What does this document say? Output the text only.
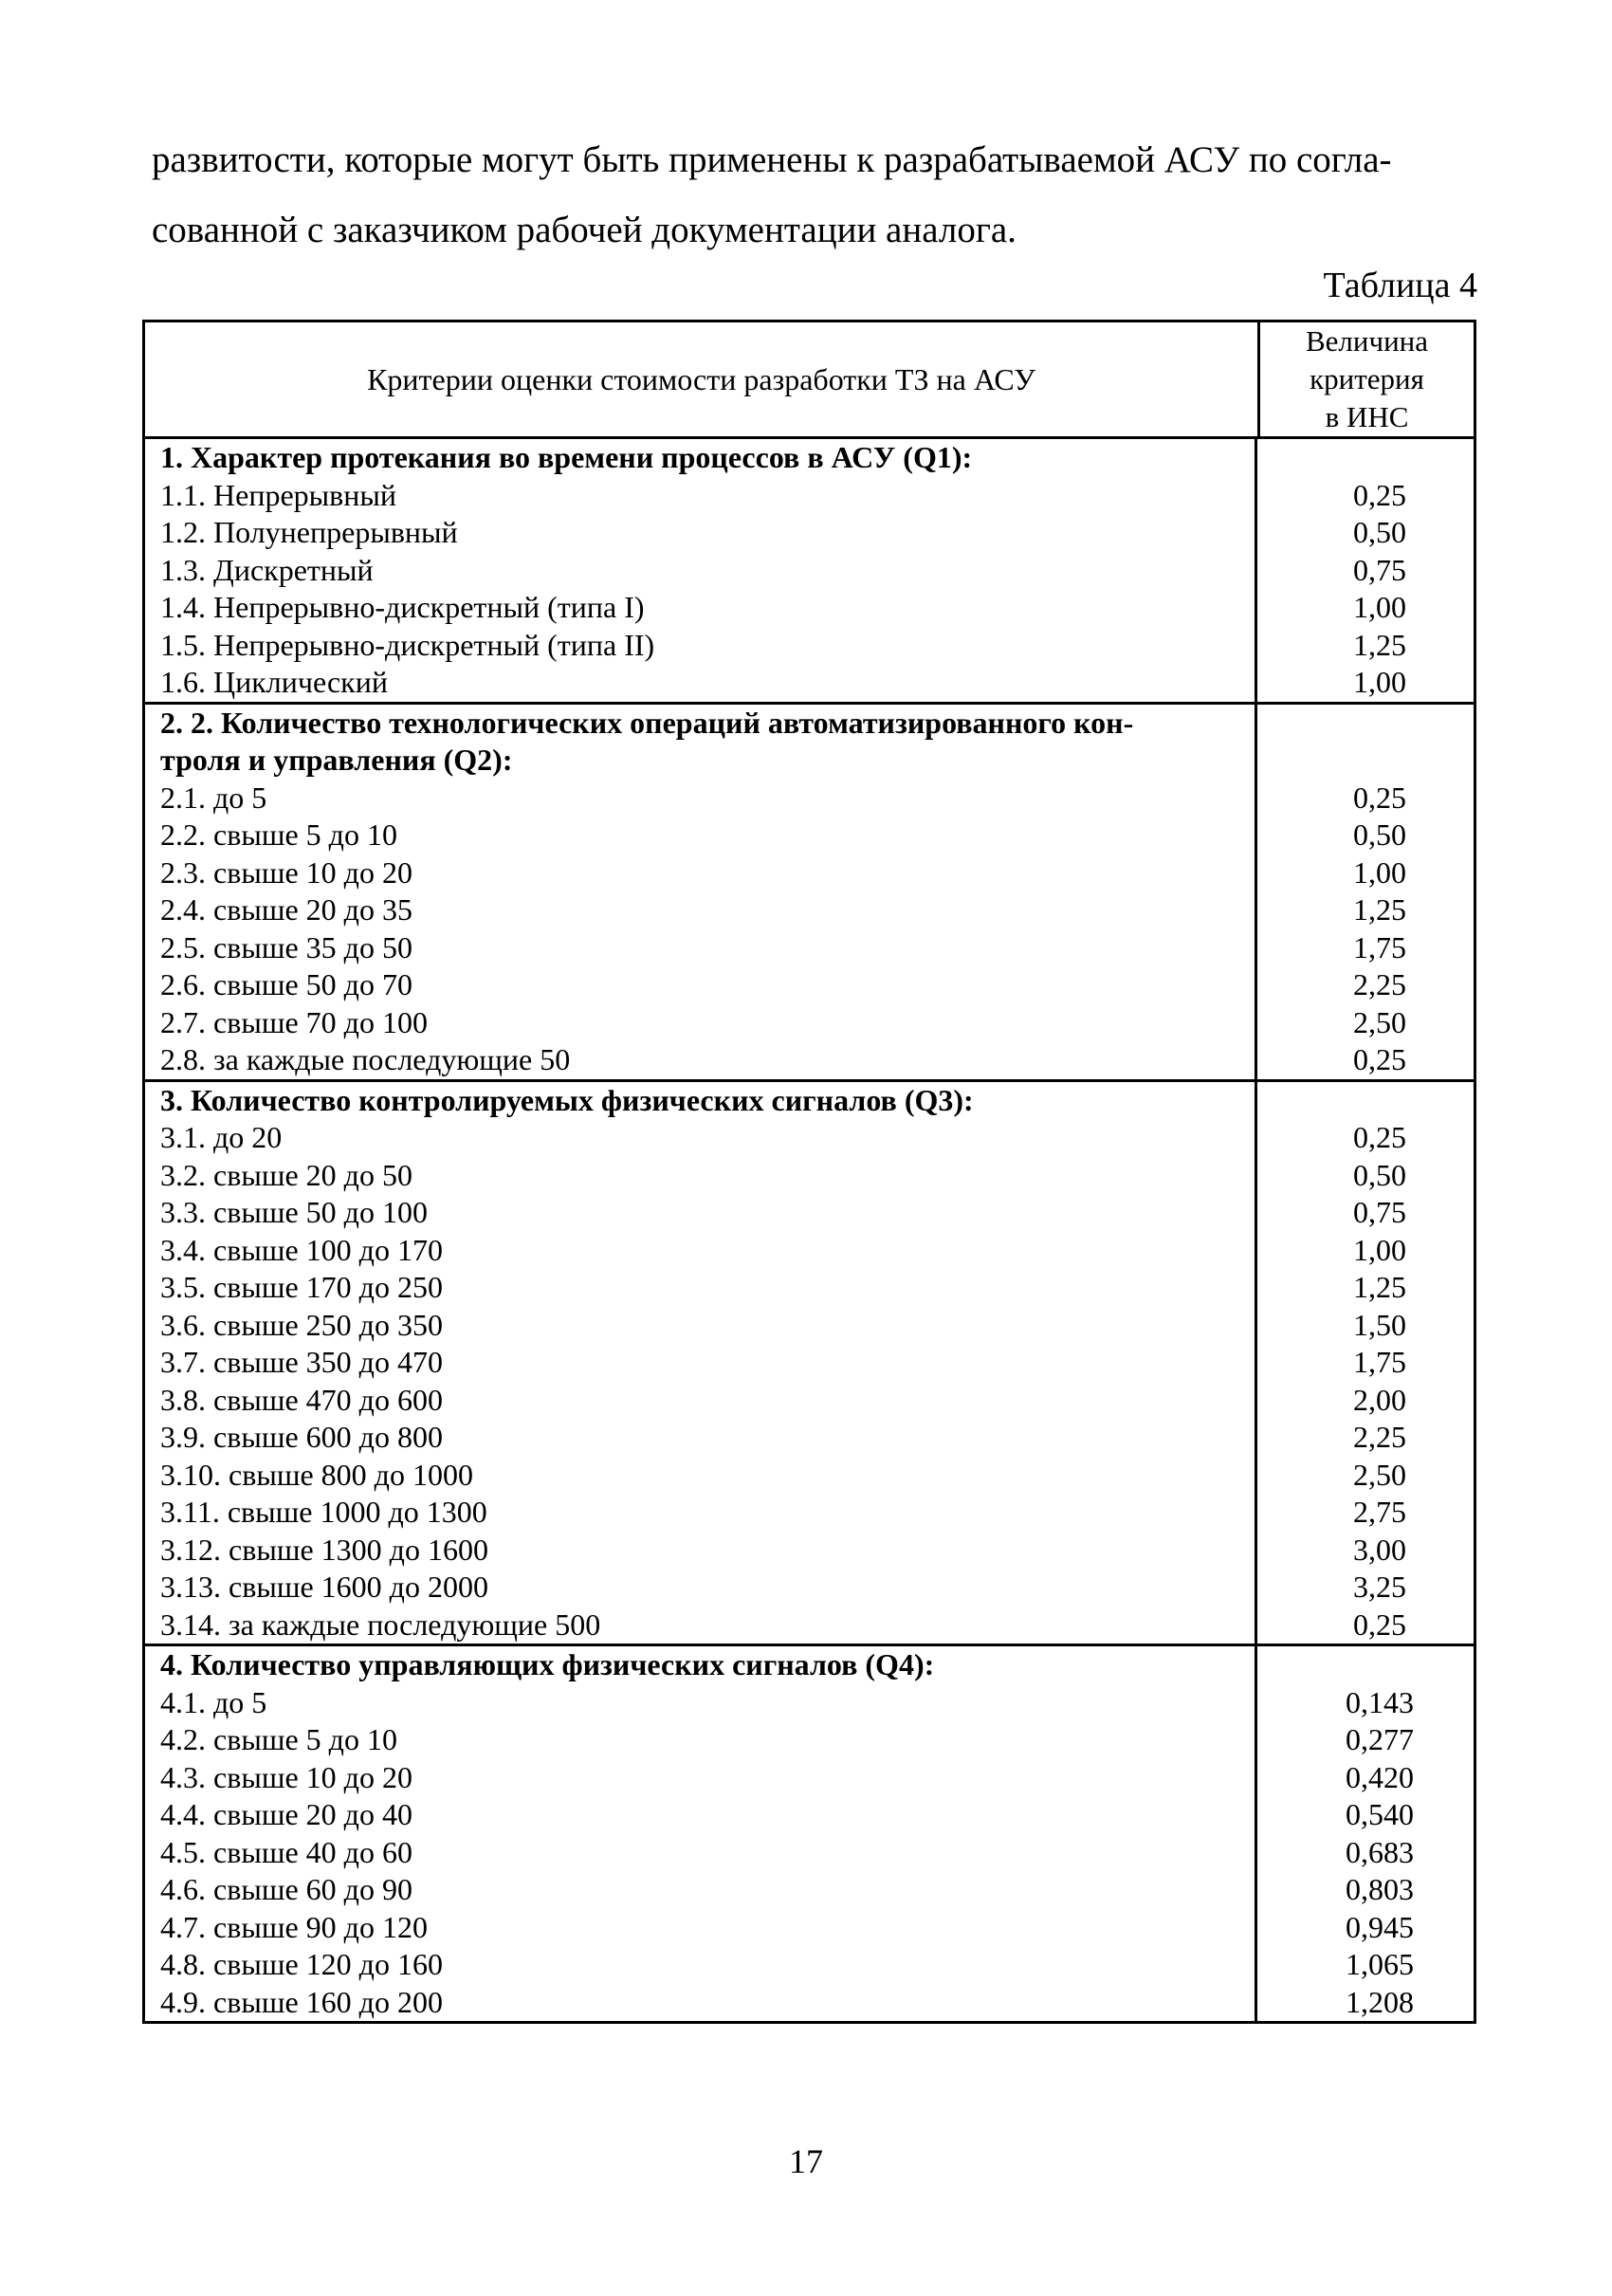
развитости, которые могут быть применены к разрабатываемой АСУ по согла-

сованной с заказчиком рабочей документации аналога.

Таблица 4
Критерии оценки стоимости разработки ТЗ на АСУ
Величина
критерия
в ИНС
1. Характер протекания во времени процессов в АСУ (Q1):
1.1. Непрерывный
1.2. Полунепрерывный
1.3. Дискретный
1.4. Непрерывно-дискретный (типа I)
1.5. Непрерывно-дискретный (типа II)
1.6. Циклический
0,25
0,50
0,75
1,00
1,25
1,00
2. 2. Количество технологических операций автоматизированного кон-
троля и управления (Q2):
2.1. до 5
2.2. свыше 5 до 10
2.3. свыше 10 до 20
2.4. свыше 20 до 35
2.5. свыше 35 до 50
2.6. свыше 50 до 70
2.7. свыше 70 до 100
2.8. за каждые последующие 50
0,25
0,50
1,00
1,25
1,75
2,25
2,50
0,25
3. Количество контролируемых физических сигналов (Q3):
3.1. до 20
3.2. свыше 20 до 50
3.3. свыше 50 до 100
3.4. свыше 100 до 170
3.5. свыше 170 до 250
3.6. свыше 250 до 350
3.7. свыше 350 до 470
3.8. свыше 470 до 600
3.9. свыше 600 до 800
3.10. свыше 800 до 1000
3.11. свыше 1000 до 1300
3.12. свыше 1300 до 1600
3.13. свыше 1600 до 2000
3.14. за каждые последующие 500
0,25
0,50
0,75
1,00
1,25
1,50
1,75
2,00
2,25
2,50
2,75
3,00
3,25
0,25
4. Количество управляющих физических сигналов (Q4):
4.1. до 5
4.2. свыше 5 до 10
4.3. свыше 10 до 20
4.4. свыше 20 до 40
4.5. свыше 40 до 60
4.6. свыше 60 до 90
4.7. свыше 90 до 120
4.8. свыше 120 до 160
4.9. свыше 160 до 200
0,143
0,277
0,420
0,540
0,683
0,803
0,945
1,065
1,208
17
